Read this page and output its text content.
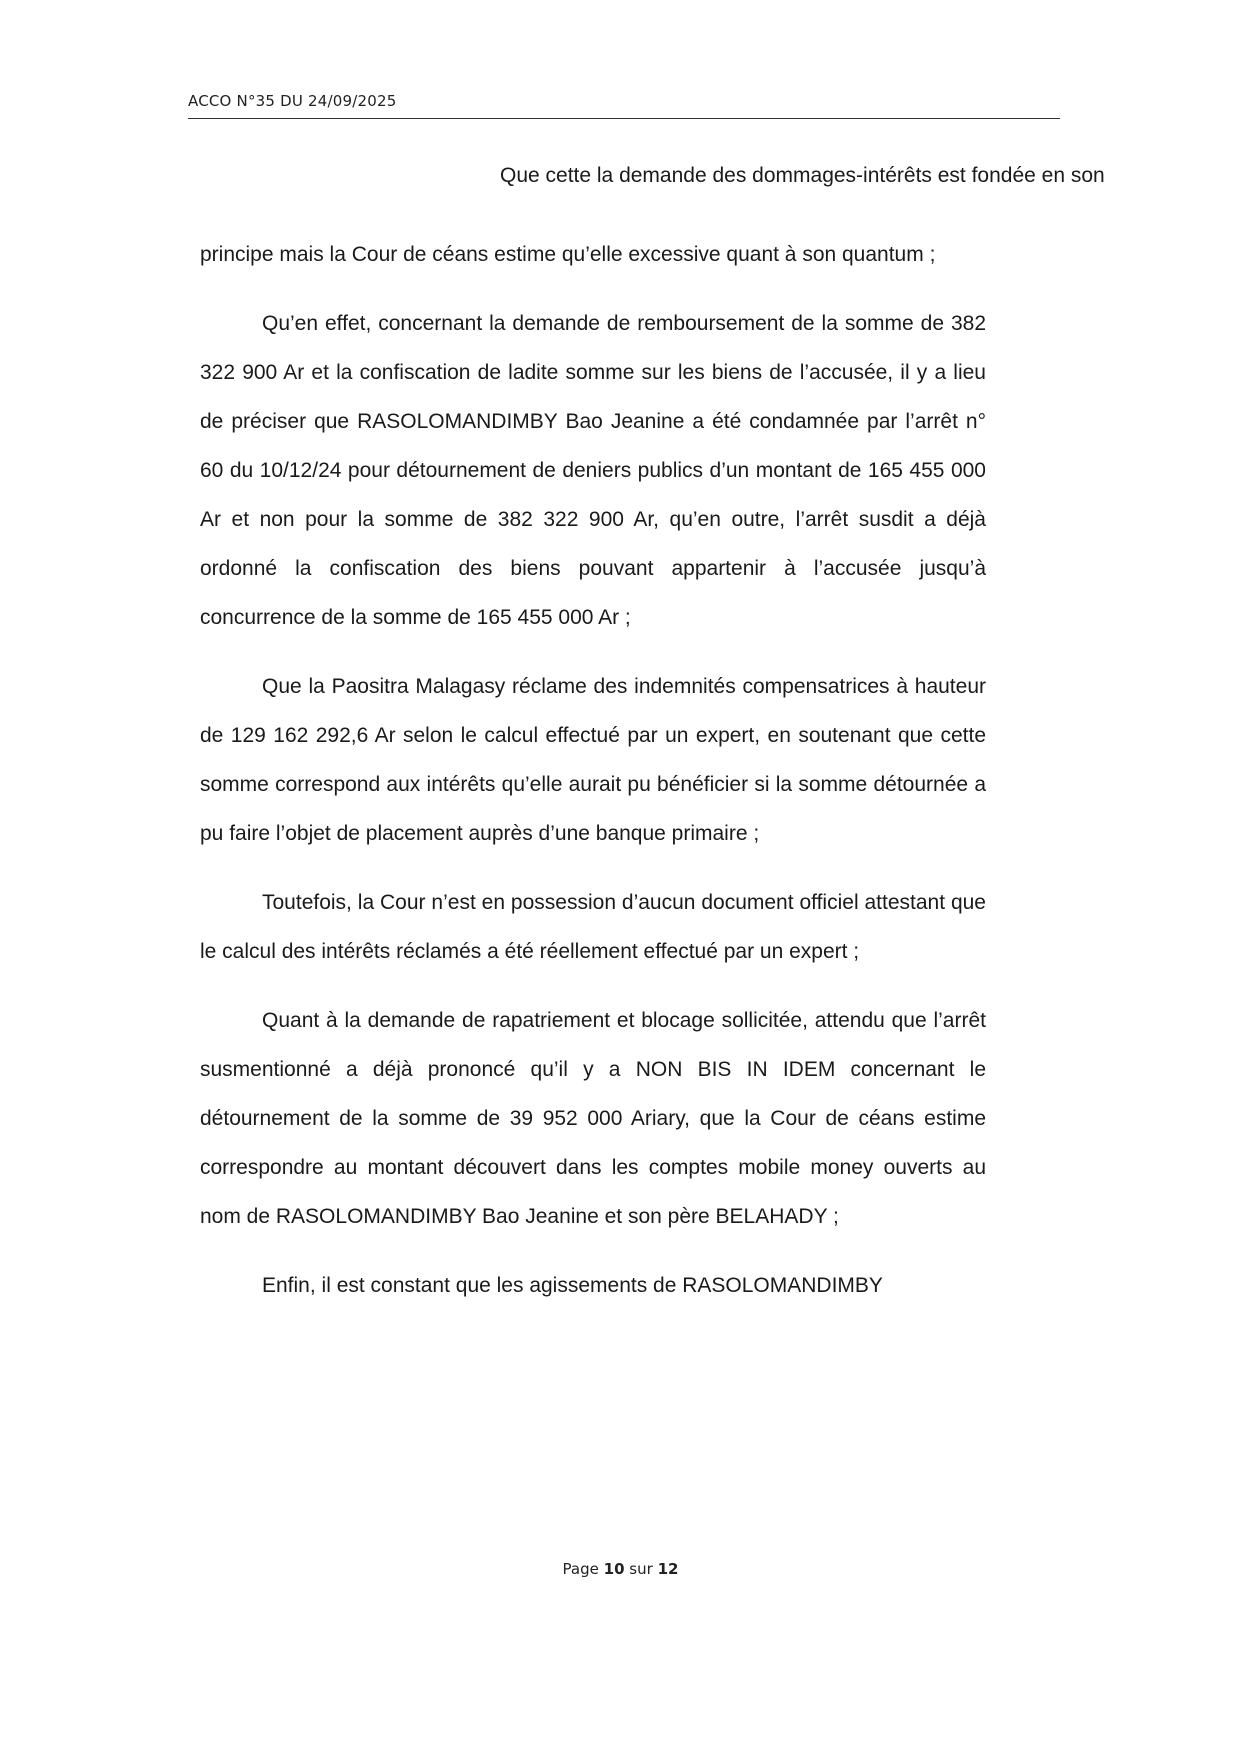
ACCO N°35 DU 24/09/2025
Que cette la demande des dommages-intérêts est fondée en son

principe mais la Cour de céans estime qu’elle excessive quant à son quantum ;

Qu’en effet, concernant la demande de remboursement de la somme de 382 322 900 Ar et la confiscation de ladite somme sur les biens de l’accusée, il y a lieu de préciser que RASOLOMANDIMBY Bao Jeanine a été condamnée par l’arrêt n° 60 du 10/12/24 pour détournement de deniers publics d’un montant de 165 455 000 Ar et non pour la somme de 382 322 900 Ar, qu’en outre, l’arrêt susdit a déjà ordonné la confiscation des biens pouvant appartenir à l’accusée jusqu’à concurrence de la somme de 165 455 000 Ar ;

Que la Paositra Malagasy réclame des indemnités compensatrices à hauteur de 129 162 292,6 Ar selon le calcul effectué par un expert, en soutenant que cette somme correspond aux intérêts qu’elle aurait pu bénéficier si la somme détournée a pu faire l’objet de placement auprès d’une banque primaire ;

Toutefois, la Cour n’est en possession d’aucun document officiel attestant que le calcul des intérêts réclamés a été réellement effectué par un expert ;

Quant à la demande de rapatriement et blocage sollicitée, attendu que l’arrêt susmentionné a déjà prononcé qu’il y a NON BIS IN IDEM concernant le détournement de la somme de 39 952 000 Ariary, que la Cour de céans estime correspondre au montant découvert dans les comptes mobile money ouverts au nom de RASOLOMANDIMBY Bao Jeanine et son père BELAHADY ;

Enfin, il est constant que les agissements de RASOLOMANDIMBY

Page 10 sur 12
